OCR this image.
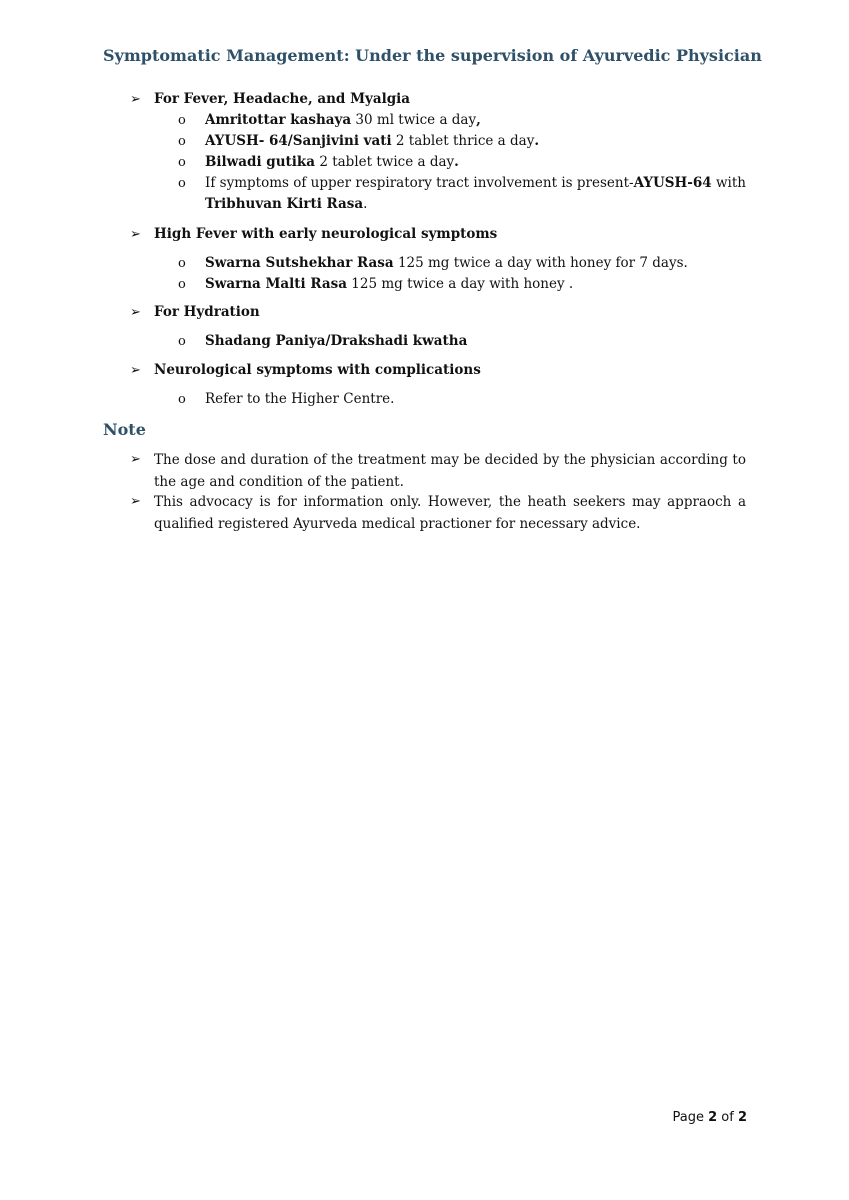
Symptomatic Management: Under the supervision of Ayurvedic Physician
➢ For Fever, Headache, and Myalgia
o Amritottar kashaya 30 ml twice a day,
o AYUSH- 64/Sanjivini vati 2 tablet thrice a day.
o Bilwadi gutika 2 tablet twice a day.
o If symptoms of upper respiratory tract involvement is present-AYUSH-64 with Tribhuvan Kirti Rasa.
➢ High Fever with early neurological symptoms
o Swarna Sutshekhar Rasa 125 mg twice a day with honey for 7 days.
o Swarna Malti Rasa 125 mg twice a day with honey .
➢ For Hydration
o Shadang Paniya/Drakshadi kwatha
➢ Neurological symptoms with complications
o Refer to the Higher Centre.
Note
➢ The dose and duration of the treatment may be decided by the physician according to the age and condition of the patient.
➢ This advocacy is for information only. However, the heath seekers may appraoch a qualified registered Ayurveda medical practioner for necessary advice.
Page 2 of 2
